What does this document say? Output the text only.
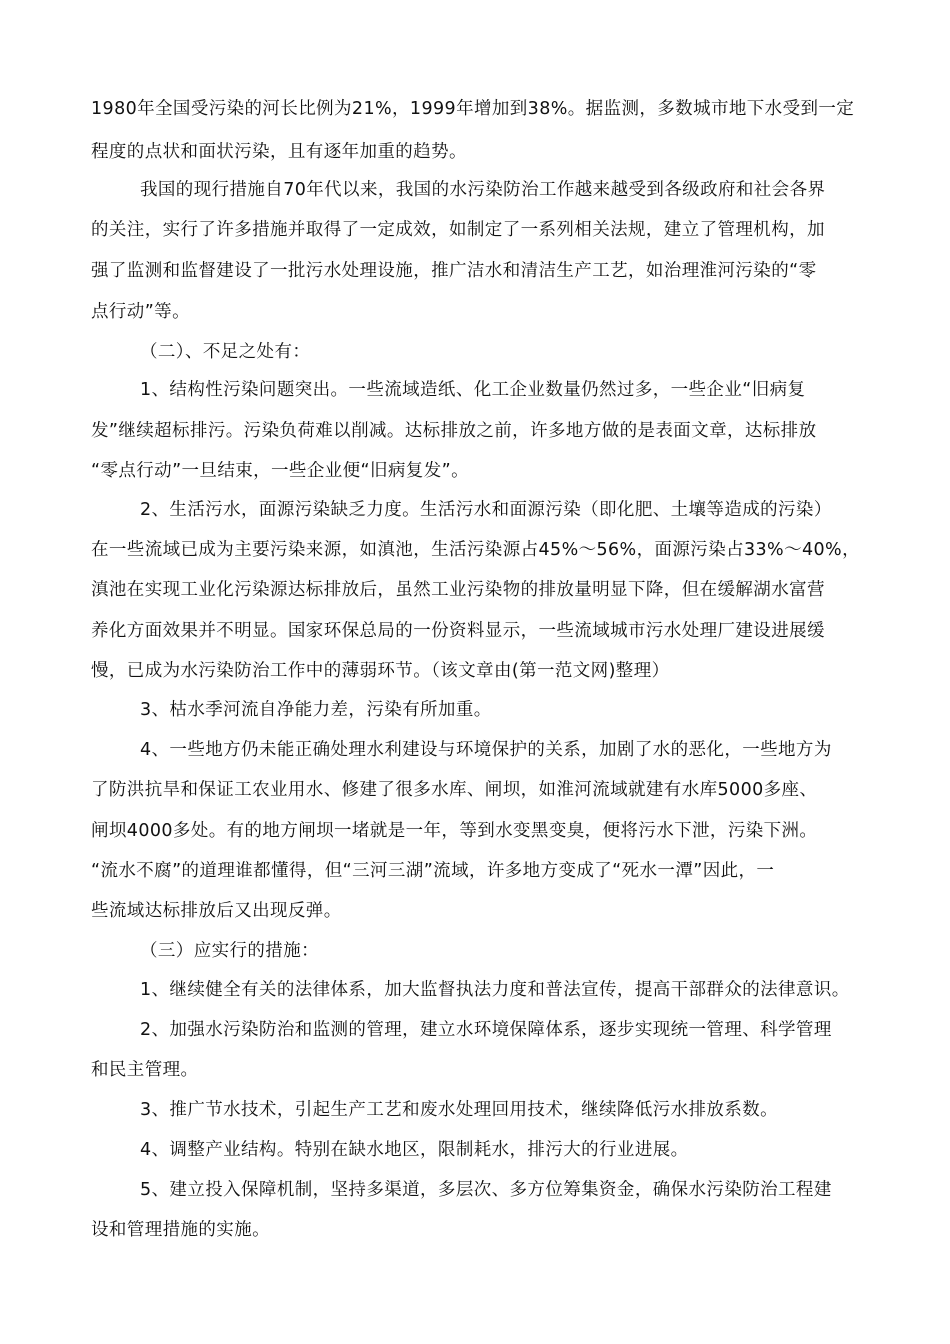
1980年全国受污染的河长比例为21%，1999年增加到38%。据监测，多数城市地下水受到一定
程度的点状和面状污染，且有逐年加重的趋势。
我国的现行措施自70年代以来，我国的水污染防治工作越来越受到各级政府和社会各界
的关注，实行了许多措施并取得了一定成效，如制定了一系列相关法规，建立了管理机构，加
强了监测和监督建设了一批污水处理设施，推广洁水和清洁生产工艺，如治理淮河污染的“零
点行动”等。
（二）、不足之处有：
1、结构性污染问题突出。一些流域造纸、化工企业数量仍然过多，一些企业“旧病复
发”继续超标排污。污染负荷难以削减。达标排放之前，许多地方做的是表面文章，达标排放
“零点行动”一旦结束，一些企业便“旧病复发”。
2、生活污水，面源污染缺乏力度。生活污水和面源污染（即化肥、土壤等造成的污染）
在一些流域已成为主要污染来源，如滇池，生活污染源占45%～56%，面源污染占33%～40%，
滇池在实现工业化污染源达标排放后，虽然工业污染物的排放量明显下降，但在缓解湖水富营
养化方面效果并不明显。国家环保总局的一份资料显示，一些流域城市污水处理厂建设进展缓
慢，已成为水污染防治工作中的薄弱环节。（该文章由(第一范文网)整理）
3、枯水季河流自净能力差，污染有所加重。
4、一些地方仍未能正确处理水利建设与环境保护的关系，加剧了水的恶化，一些地方为
了防洪抗旱和保证工农业用水、修建了很多水库、闸坝，如淮河流域就建有水库5000多座、
闸坝4000多处。有的地方闸坝一堵就是一年，等到水变黑变臭，便将污水下泄，污染下洲。
“流水不腐”的道理谁都懂得，但“三河三湖”流域，许多地方变成了“死水一潭”因此，一
些流域达标排放后又出现反弹。
（三）应实行的措施：
1、继续健全有关的法律体系，加大监督执法力度和普法宣传，提高干部群众的法律意识。
2、加强水污染防治和监测的管理，建立水环境保障体系，逐步实现统一管理、科学管理
和民主管理。
3、推广节水技术，引起生产工艺和废水处理回用技术，继续降低污水排放系数。
4、调整产业结构。特别在缺水地区，限制耗水，排污大的行业进展。
5、建立投入保障机制，坚持多渠道，多层次、多方位筹集资金，确保水污染防治工程建
设和管理措施的实施。
